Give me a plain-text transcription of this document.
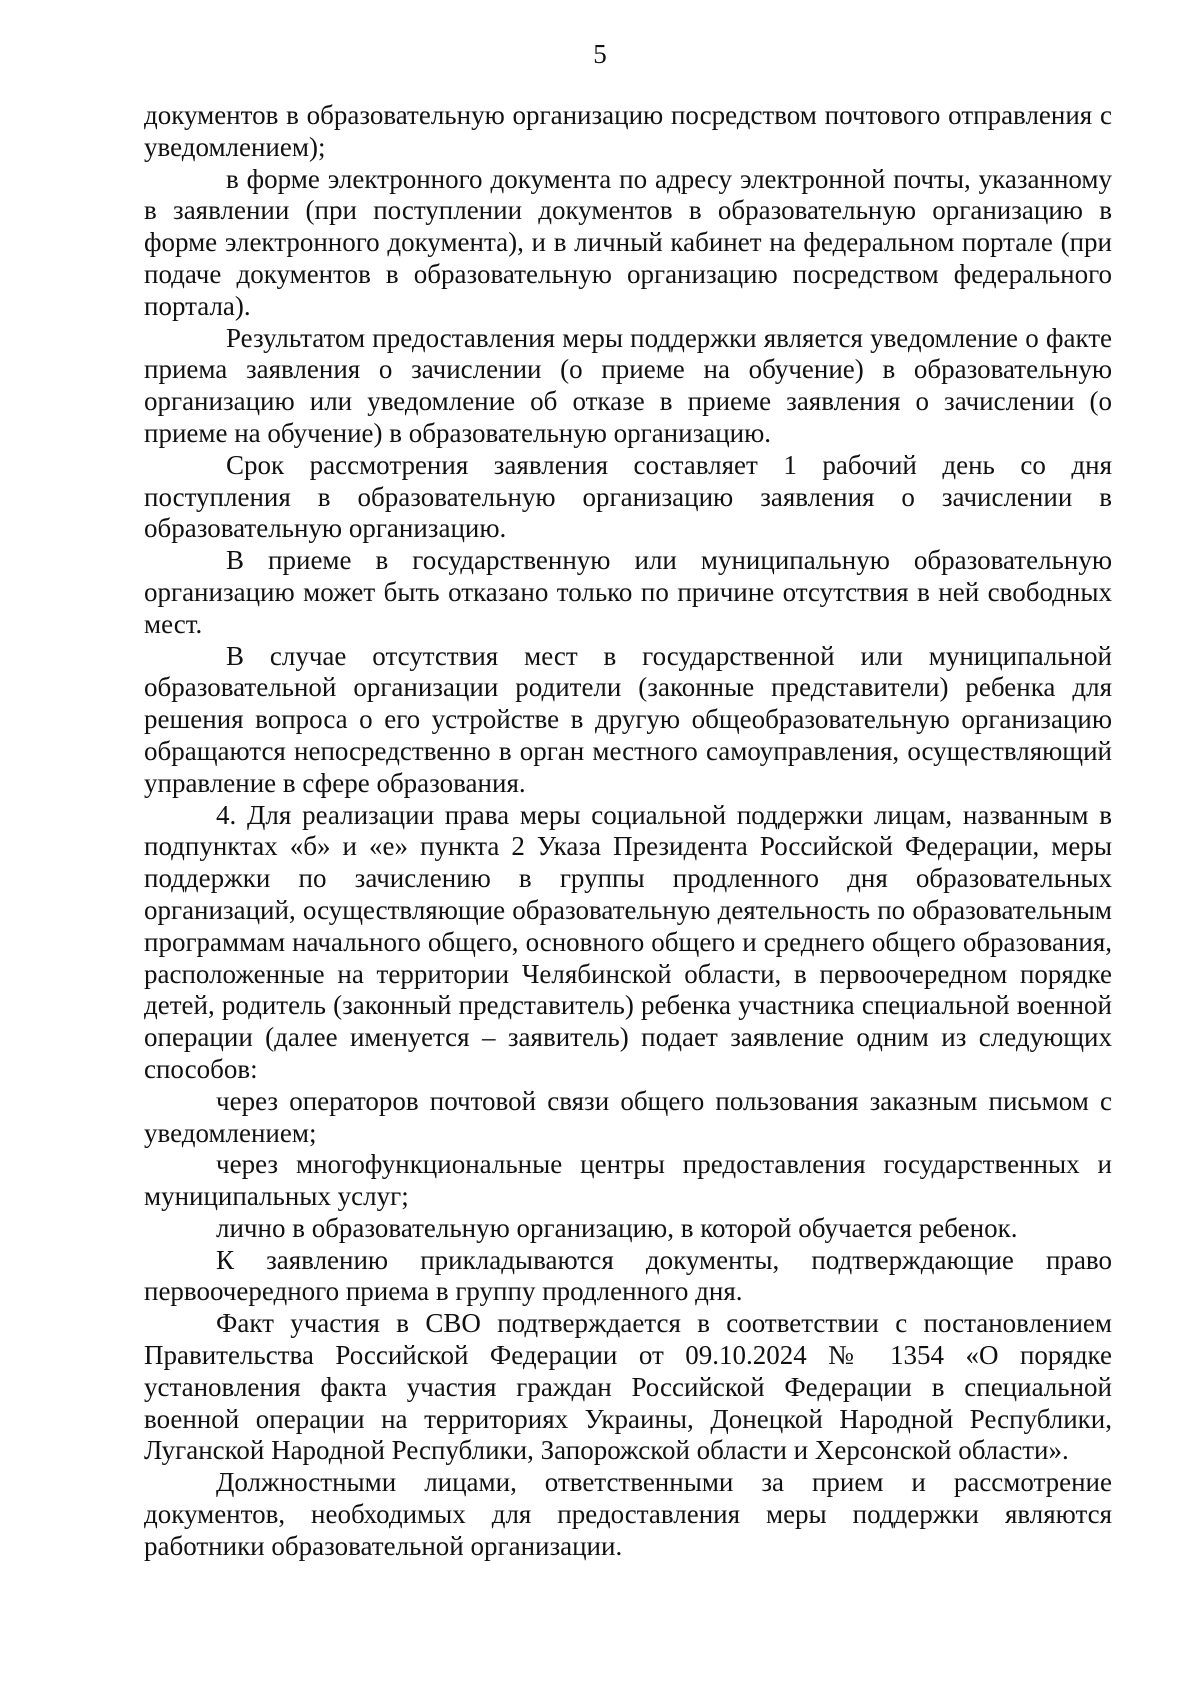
5

документов в образовательную организацию посредством почтового отправления с уведомлением);

в форме электронного документа по адресу электронной почты, указанному в заявлении (при поступлении документов в образовательную организацию в форме электронного документа), и в личный кабинет на федеральном портале (при подаче документов в образовательную организацию посредством федерального портала).

Результатом предоставления меры поддержки является уведомление о факте приема заявления о зачислении (о приеме на обучение) в образовательную организацию или уведомление об отказе в приеме заявления о зачислении (о приеме на обучение) в образовательную организацию.

Срок рассмотрения заявления составляет 1 рабочий день со дня поступления в образовательную организацию заявления о зачислении в образовательную организацию.

В приеме в государственную или муниципальную образовательную организацию может быть отказано только по причине отсутствия в ней свободных мест.

В случае отсутствия мест в государственной или муниципальной образовательной организации родители (законные представители) ребенка для решения вопроса о его устройстве в другую общеобразовательную организацию обращаются непосредственно в орган местного самоуправления, осуществляющий управление в сфере образования.

4. Для реализации права меры социальной поддержки лицам, названным в подпунктах «б» и «е» пункта 2 Указа Президента Российской Федерации, меры поддержки по зачислению в группы продленного дня образовательных организаций, осуществляющие образовательную деятельность по образовательным программам начального общего, основного общего и среднего общего образования, расположенные на территории Челябинской области, в первоочередном порядке детей, родитель (законный представитель) ребенка участника специальной военной операции (далее именуется – заявитель) подает заявление одним из следующих способов:

через операторов почтовой связи общего пользования заказным письмом с уведомлением;

через многофункциональные центры предоставления государственных и муниципальных услуг;

лично в образовательную организацию, в которой обучается ребенок.

К заявлению прикладываются документы, подтверждающие право первоочередного приема в группу продленного дня.

Факт участия в СВО подтверждается в соответствии с постановлением Правительства Российской Федерации от 09.10.2024 № 1354 «О порядке установления факта участия граждан Российской Федерации в специальной военной операции на территориях Украины, Донецкой Народной Республики, Луганской Народной Республики, Запорожской области и Херсонской области».

Должностными лицами, ответственными за прием и рассмотрение документов, необходимых для предоставления меры поддержки являются работники образовательной организации.
